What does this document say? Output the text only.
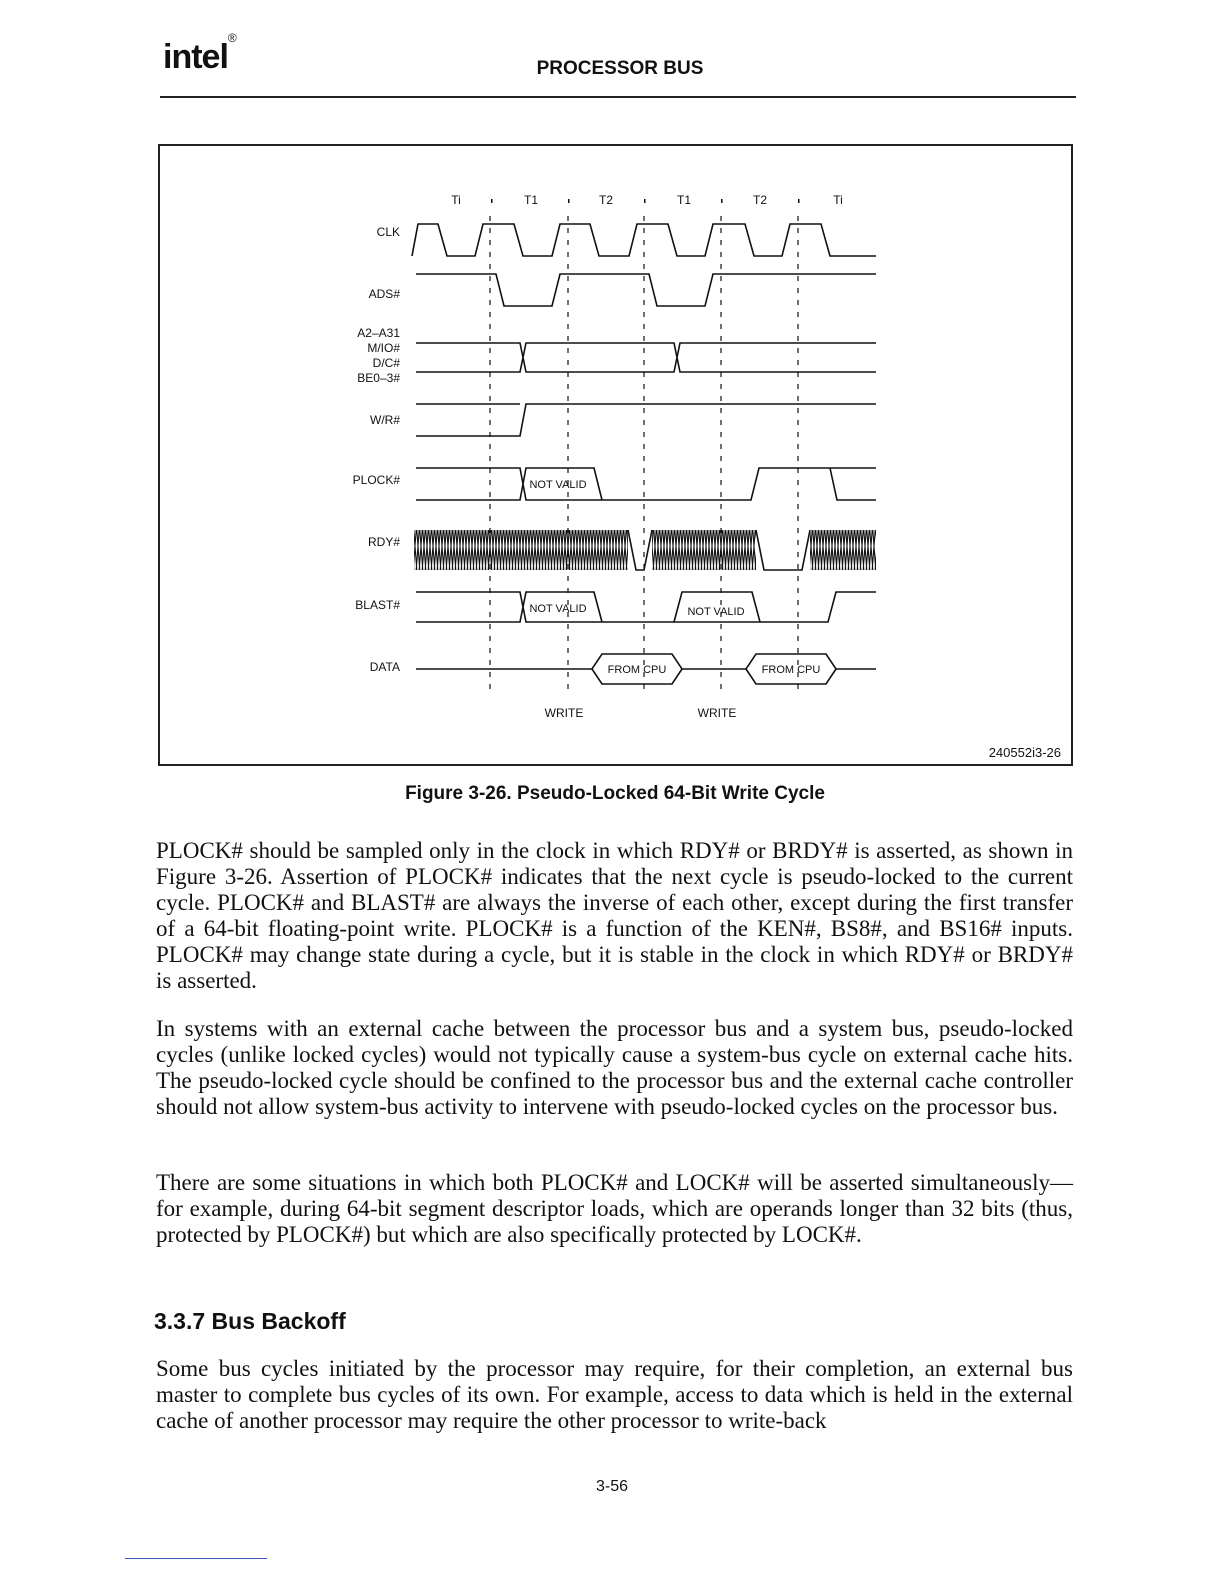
intel®
PROCESSOR BUS
Ti	T1	T2	T1	T2	Ti
CLK
ADS#
A2–A31
M/IO#
D/C#
BE0–3#
W/R#
PLOCK#
RDY#
BLAST#
DATA
NOT VALID
NOT VALID	NOT VALID
FROM CPU	FROM CPU
WRITE	WRITE
240552i3-26
Figure 3-26. Pseudo-Locked 64-Bit Write Cycle

PLOCK# should be sampled only in the clock in which RDY# or BRDY# is asserted, as shown in Figure 3-26. Assertion of PLOCK# indicates that the next cycle is pseudo-locked to the current cycle. PLOCK# and BLAST# are always the inverse of each other, except during the first transfer of a 64-bit floating-point write. PLOCK# is a function of the KEN#, BS8#, and BS16# inputs. PLOCK# may change state during a cycle, but it is stable in the clock in which RDY# or BRDY# is asserted.

In systems with an external cache between the processor bus and a system bus, pseudo-locked cycles (unlike locked cycles) would not typically cause a system-bus cycle on external cache hits. The pseudo-locked cycle should be confined to the processor bus and the external cache controller should not allow system-bus activity to intervene with pseudo-locked cycles on the processor bus.

There are some situations in which both PLOCK# and LOCK# will be asserted simultaneously—for example, during 64-bit segment descriptor loads, which are operands longer than 32 bits (thus, protected by PLOCK#) but which are also specifically protected by LOCK#.

3.3.7 Bus Backoff

Some bus cycles initiated by the processor may require, for their completion, an external bus master to complete bus cycles of its own. For example, access to data which is held in the external cache of another processor may require the other processor to write-back

3-56
